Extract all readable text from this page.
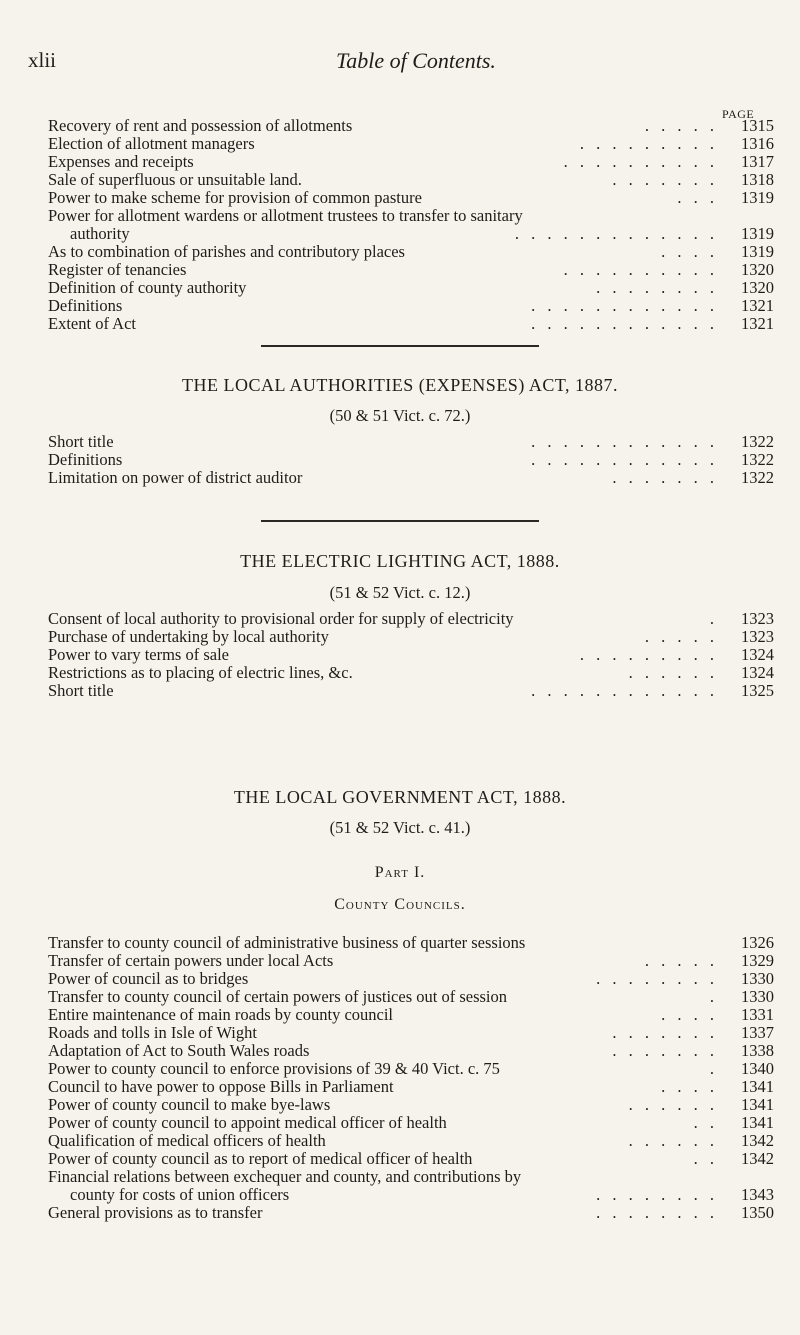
xlii	Table of Contents.
PAGE
Recovery of rent and possession of allotments	. . . . . 1315
Election of allotment managers	. . . . . . . . . 1316
Expenses and receipts	. . . . . . . . . . 1317
Sale of superfluous or unsuitable land.	. . . . . . . 1318
Power to make scheme for provision of common pasture	. . . 1319
Power for allotment wardens or allotment trustees to transfer to sanitary
authority	. . . . . . . . . . . . . 1319
As to combination of parishes and contributory places	. . . . 1319
Register of tenancies	. . . . . . . . . . 1320
Definition of county authority	. . . . . . . . 1320
Definitions	. . . . . . . . . . . . 1321
Extent of Act	. . . . . . . . . . . . 1321
THE LOCAL AUTHORITIES (EXPENSES) ACT, 1887.
(50 & 51 Vict. c. 72.)
Short title	. . . . . . . . . . . . 1322
Definitions	. . . . . . . . . . . . 1322
Limitation on power of district auditor	. . . . . . . 1322
THE ELECTRIC LIGHTING ACT, 1888.
(51 & 52 Vict. c. 12.)
Consent of local authority to provisional order for supply of electricity	. 1323
Purchase of undertaking by local authority	. . . . . 1323
Power to vary terms of sale	. . . . . . . . . 1324
Restrictions as to placing of electric lines, &c.	. . . . . . 1324
Short title	. . . . . . . . . . . . 1325
THE LOCAL GOVERNMENT ACT, 1888.
(51 & 52 Vict. c. 41.)
Part I.
County Councils.
Transfer to county council of administrative business of quarter sessions	1326
Transfer of certain powers under local Acts	. . . . . 1329
Power of council as to bridges	. . . . . . . . 1330
Transfer to county council of certain powers of justices out of session	. 1330
Entire maintenance of main roads by county council	. . . . 1331
Roads and tolls in Isle of Wight	. . . . . . . 1337
Adaptation of Act to South Wales roads	. . . . . . . 1338
Power to county council to enforce provisions of 39 & 40 Vict. c. 75	. 1340
Council to have power to oppose Bills in Parliament	. . . . 1341
Power of county council to make bye-laws	. . . . . . 1341
Power of county council to appoint medical officer of health	. . 1341
Qualification of medical officers of health	. . . . . . 1342
Power of county council as to report of medical officer of health	. . 1342
Financial relations between exchequer and county, and contributions by
county for costs of union officers	. . . . . . . . 1343
General provisions as to transfer	. . . . . . . . 1350
